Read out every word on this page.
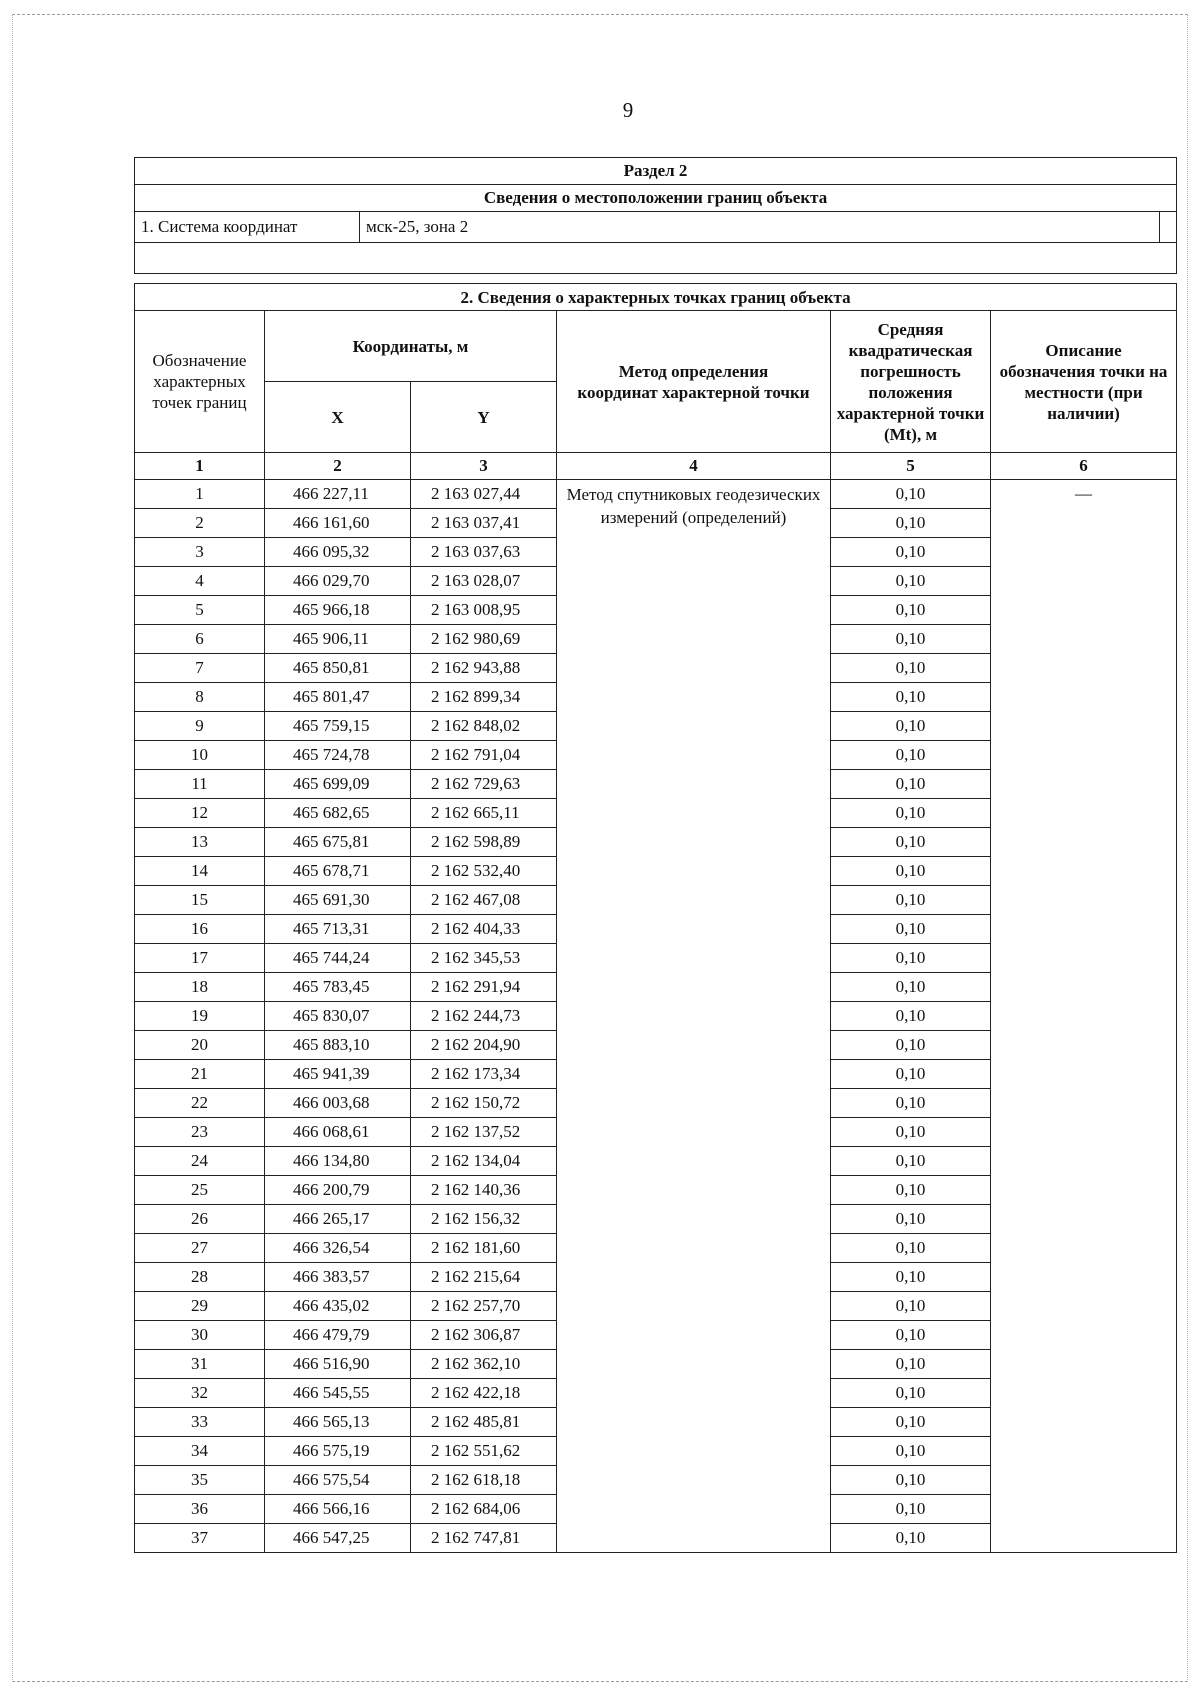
9
Раздел 2
Сведения о местоположении границ объекта
1. Система координат	мск-25, зона 2	

2. Сведения о характерных точках границ объекта					
Обозначение характерных точек границ	Координаты, м		Метод определения координат характерной точки	Средняя квадратическая погрешность положения характерной точки (Mt), м	Описание обозначения точки на местности (при наличии)
	X	Y			
1	2	3	4	5	6
1	466 227,11	2 163 027,44	Метод спутниковых геодезических измерений (определений)	0,10	—
2	466 161,60	2 163 037,41		0,10	
3	466 095,32	2 163 037,63		0,10	
4	466 029,70	2 163 028,07		0,10	
5	465 966,18	2 163 008,95		0,10	
6	465 906,11	2 162 980,69		0,10	
7	465 850,81	2 162 943,88		0,10	
8	465 801,47	2 162 899,34		0,10	
9	465 759,15	2 162 848,02		0,10	
10	465 724,78	2 162 791,04		0,10	
11	465 699,09	2 162 729,63		0,10	
12	465 682,65	2 162 665,11		0,10	
13	465 675,81	2 162 598,89		0,10	
14	465 678,71	2 162 532,40		0,10	
15	465 691,30	2 162 467,08		0,10	
16	465 713,31	2 162 404,33		0,10	
17	465 744,24	2 162 345,53		0,10	
18	465 783,45	2 162 291,94		0,10	
19	465 830,07	2 162 244,73		0,10	
20	465 883,10	2 162 204,90		0,10	
21	465 941,39	2 162 173,34		0,10	
22	466 003,68	2 162 150,72		0,10	
23	466 068,61	2 162 137,52		0,10	
24	466 134,80	2 162 134,04		0,10	
25	466 200,79	2 162 140,36		0,10	
26	466 265,17	2 162 156,32		0,10	
27	466 326,54	2 162 181,60		0,10	
28	466 383,57	2 162 215,64		0,10	
29	466 435,02	2 162 257,70		0,10	
30	466 479,79	2 162 306,87		0,10	
31	466 516,90	2 162 362,10		0,10	
32	466 545,55	2 162 422,18		0,10	
33	466 565,13	2 162 485,81		0,10	
34	466 575,19	2 162 551,62		0,10	
35	466 575,54	2 162 618,18		0,10	
36	466 566,16	2 162 684,06		0,10	
37	466 547,25	2 162 747,81		0,10	
